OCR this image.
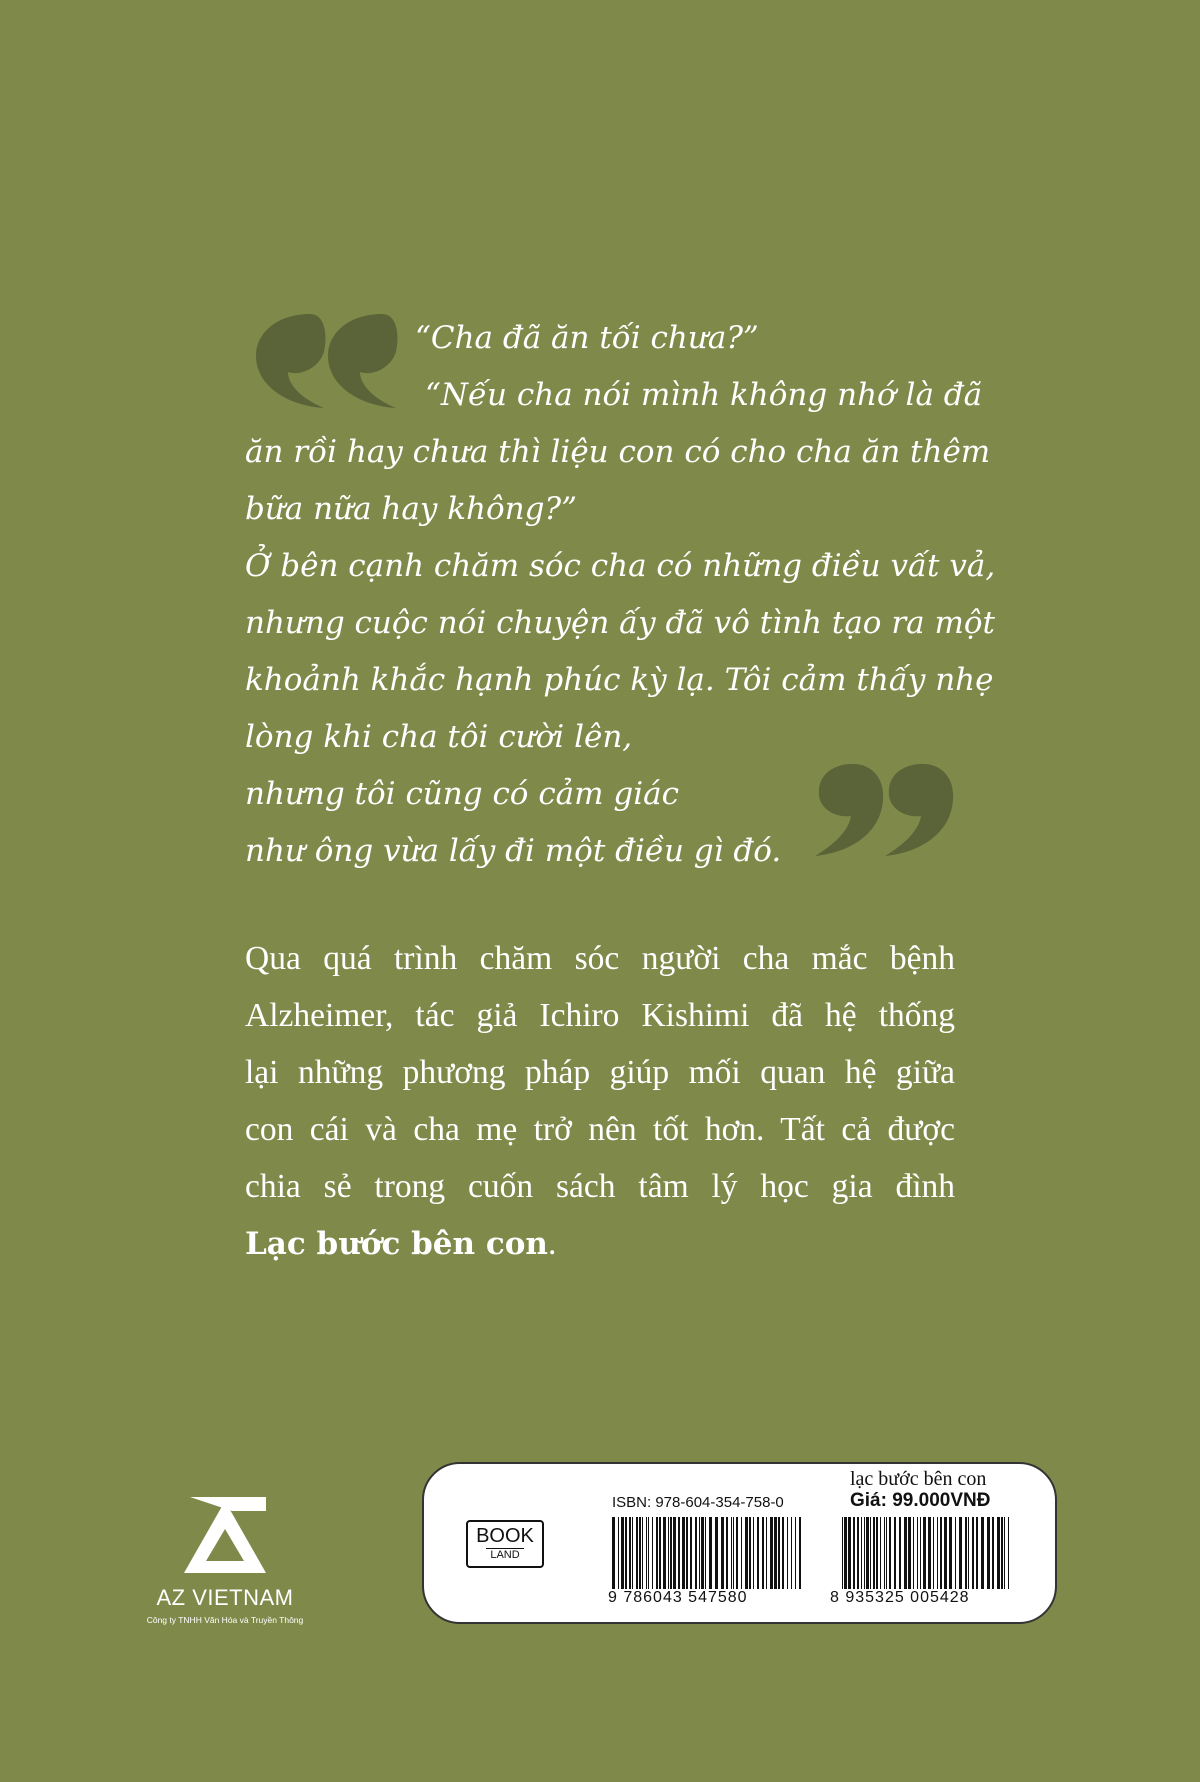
“Cha đã ăn tối chưa?”
“Nếu cha nói mình không nhớ là đã
ăn rồi hay chưa thì liệu con có cho cha ăn thêm
bữa nữa hay không?”
Ở bên cạnh chăm sóc cha có những điều vất vả,
nhưng cuộc nói chuyện ấy đã vô tình tạo ra một
khoảnh khắc hạnh phúc kỳ lạ. Tôi cảm thấy nhẹ
lòng khi cha tôi cười lên,
nhưng tôi cũng có cảm giác
như ông vừa lấy đi một điều gì đó.
Qua quá trình chăm sóc người cha mắc bệnh
Alzheimer, tác giả Ichiro Kishimi đã hệ thống
lại những phương pháp giúp mối quan hệ giữa
con cái và cha mẹ trở nên tốt hơn. Tất cả được
chia sẻ trong cuốn sách tâm lý học gia đình
Lạc bước bên con.
AZ VIETNAM
Công ty TNHH Văn Hóa và Truyền Thông
BOOK
LAND
ISBN: 978-604-354-758-0
9 786043 547580
lạc bước bên con
Giá: 99.000VNĐ
8 935325 005428
